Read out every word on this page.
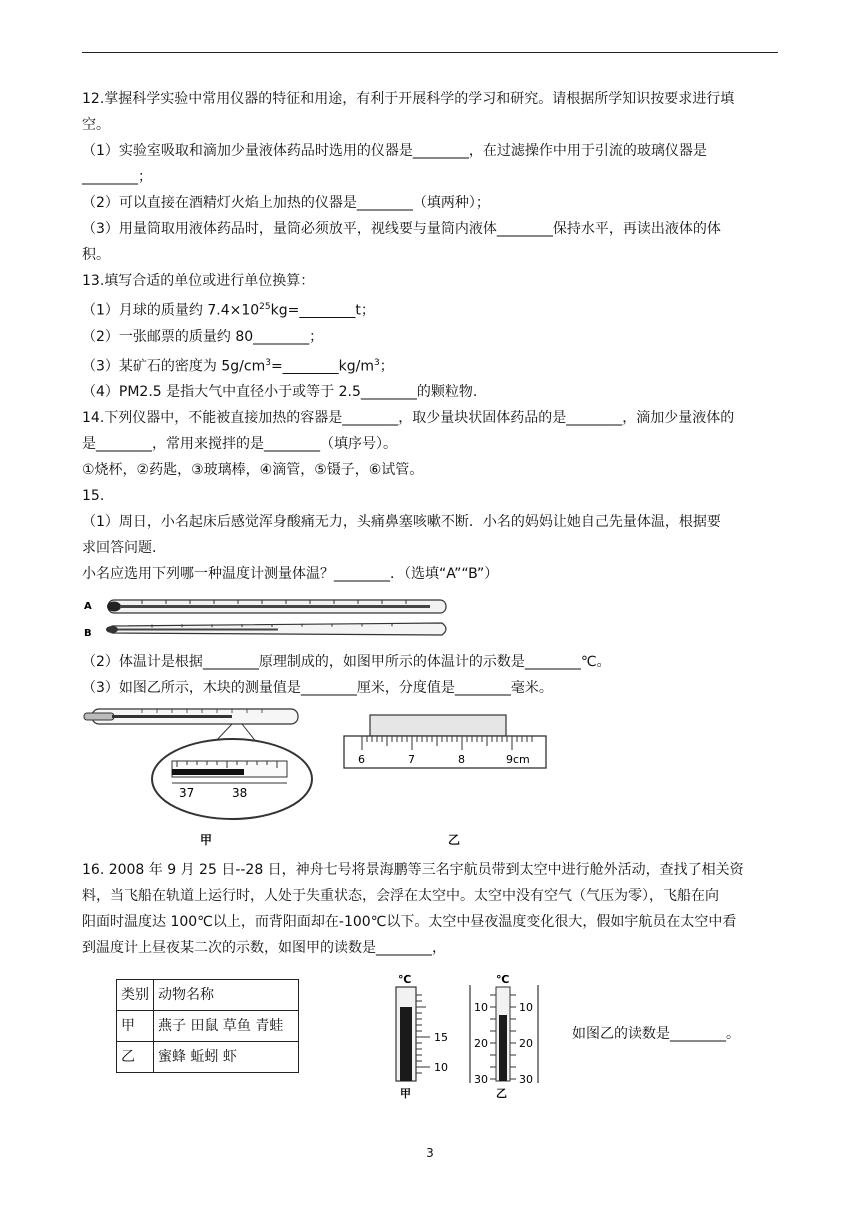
12.掌握科学实验中常用仪器的特征和用途，有利于开展科学的学习和研究。请根据所学知识按要求进行填
空。
（1）实验室吸取和滴加少量液体药品时选用的仪器是________，在过滤操作中用于引流的玻璃仪器是
________；
（2）可以直接在酒精灯火焰上加热的仪器是________（填两种）；
（3）用量筒取用液体药品时，量筒必须放平，视线要与量筒内液体________保持水平，再读出液体的体
积。
13.填写合适的单位或进行单位换算：
（1）月球的质量约 $7.4\times 10^{25}kg=\_\_\_\_\_\_\_\_t$；
（2）一张邮票的质量约 80________；
（3）某矿石的密度为 $5g/cm^3=\_\_\_\_\_\_\_\_kg/m^3$；
（4）PM2.5 是指大气中直径小于或等于 2.5________的颗粒物.
14.下列仪器中，不能被直接加热的容器是________，取少量块状固体药品的是________，滴加少量液体的
是________，常用来搅拌的是________（填序号）。
①烧杯，②药匙，③玻璃棒，④滴管，⑤镊子，⑥试管。
15.
（1）周日，小名起床后感觉浑身酸痛无力，头痛鼻塞咳嗽不断．小名的妈妈让她自己先量体温，根据要
求回答问题.
小名应选用下列哪一种温度计测量体温？________．（选填“A”“B”）
A
B
（2）体温计是根据________原理制成的，如图甲所示的体温计的示数是________℃。
（3）如图乙所示，木块的测量值是________厘米，分度值是________毫米。
37	38
6	7	8	9cm
甲	乙
16. 2008 年 9 月 25 日--28 日，神舟七号将景海鹏等三名宇航员带到太空中进行舱外活动，查找了相关资
料，当飞船在轨道上运行时，人处于失重状态，会浮在太空中。太空中没有空气（气压为零），飞船在向
阳面时温度达 100℃以上，而背阳面却在-100℃以下。太空中昼夜温度变化很大，假如宇航员在太空中看
到温度计上昼夜某二次的示数，如图甲的读数是________，
类别	动物名称
甲	燕子 田鼠 草鱼 青蛙
乙	蜜蜂 蚯蚓 虾
℃
15
10
甲
℃
10
20
30
10
20
30
乙
如图乙的读数是________。
3
